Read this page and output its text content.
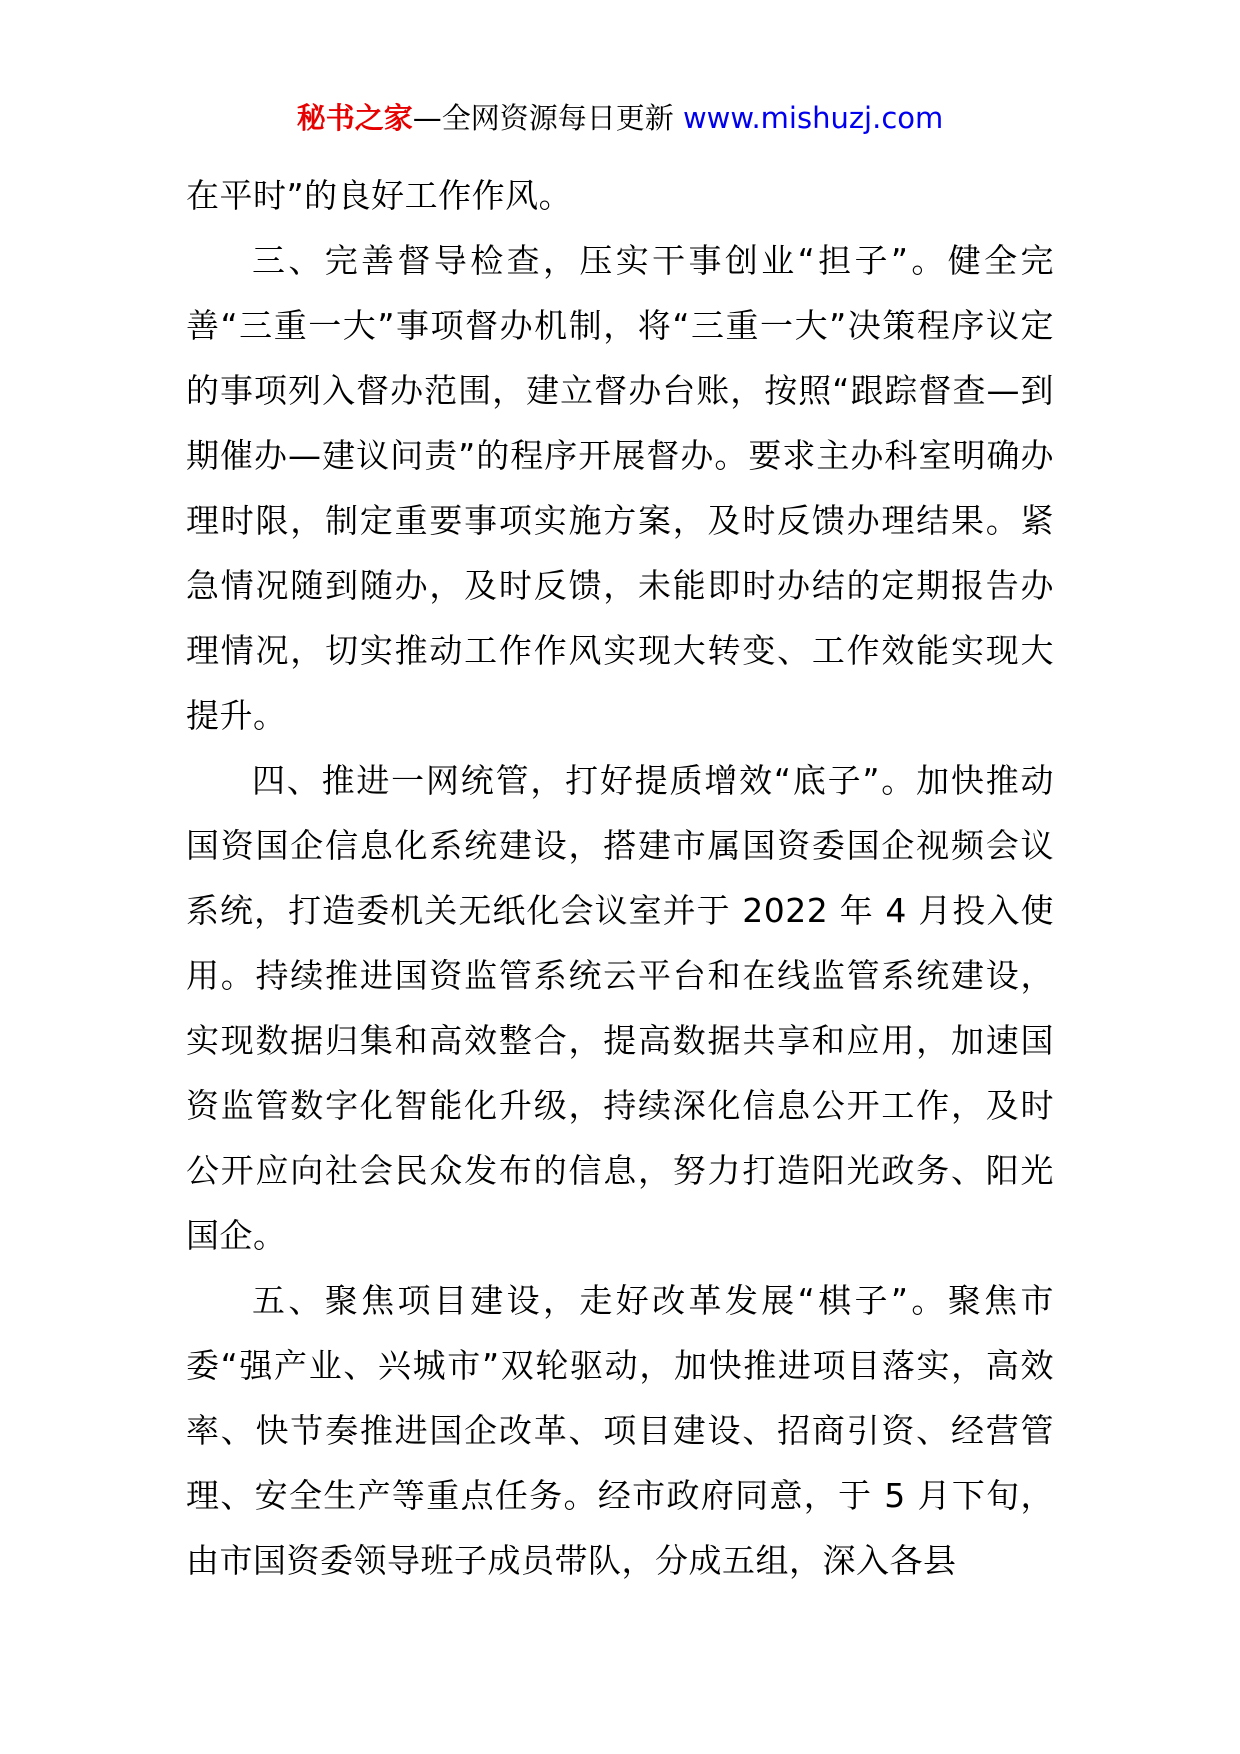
秘书之家—全网资源每日更新 www.mishuzj.com

在平时”的良好工作作风。

三、完善督导检查，压实干事创业“担子”。健全完善“三重一大”事项督办机制，将“三重一大”决策程序议定的事项列入督办范围，建立督办台账，按照“跟踪督查—到期催办—建议问责”的程序开展督办。要求主办科室明确办理时限，制定重要事项实施方案，及时反馈办理结果。紧急情况随到随办，及时反馈，未能即时办结的定期报告办理情况，切实推动工作作风实现大转变、工作效能实现大提升。

四、推进一网统管，打好提质增效“底子”。加快推动国资国企信息化系统建设，搭建市属国资委国企视频会议系统，打造委机关无纸化会议室并于 2022 年 4 月投入使用。持续推进国资监管系统云平台和在线监管系统建设，实现数据归集和高效整合，提高数据共享和应用，加速国资监管数字化智能化升级，持续深化信息公开工作，及时公开应向社会民众发布的信息，努力打造阳光政务、阳光国企。

五、聚焦项目建设，走好改革发展“棋子”。聚焦市委“强产业、兴城市”双轮驱动，加快推进项目落实，高效率、快节奏推进国企改革、项目建设、招商引资、经营管理、安全生产等重点任务。经市政府同意，于 5 月下旬，由市国资委领导班子成员带队，分成五组，深入各县
